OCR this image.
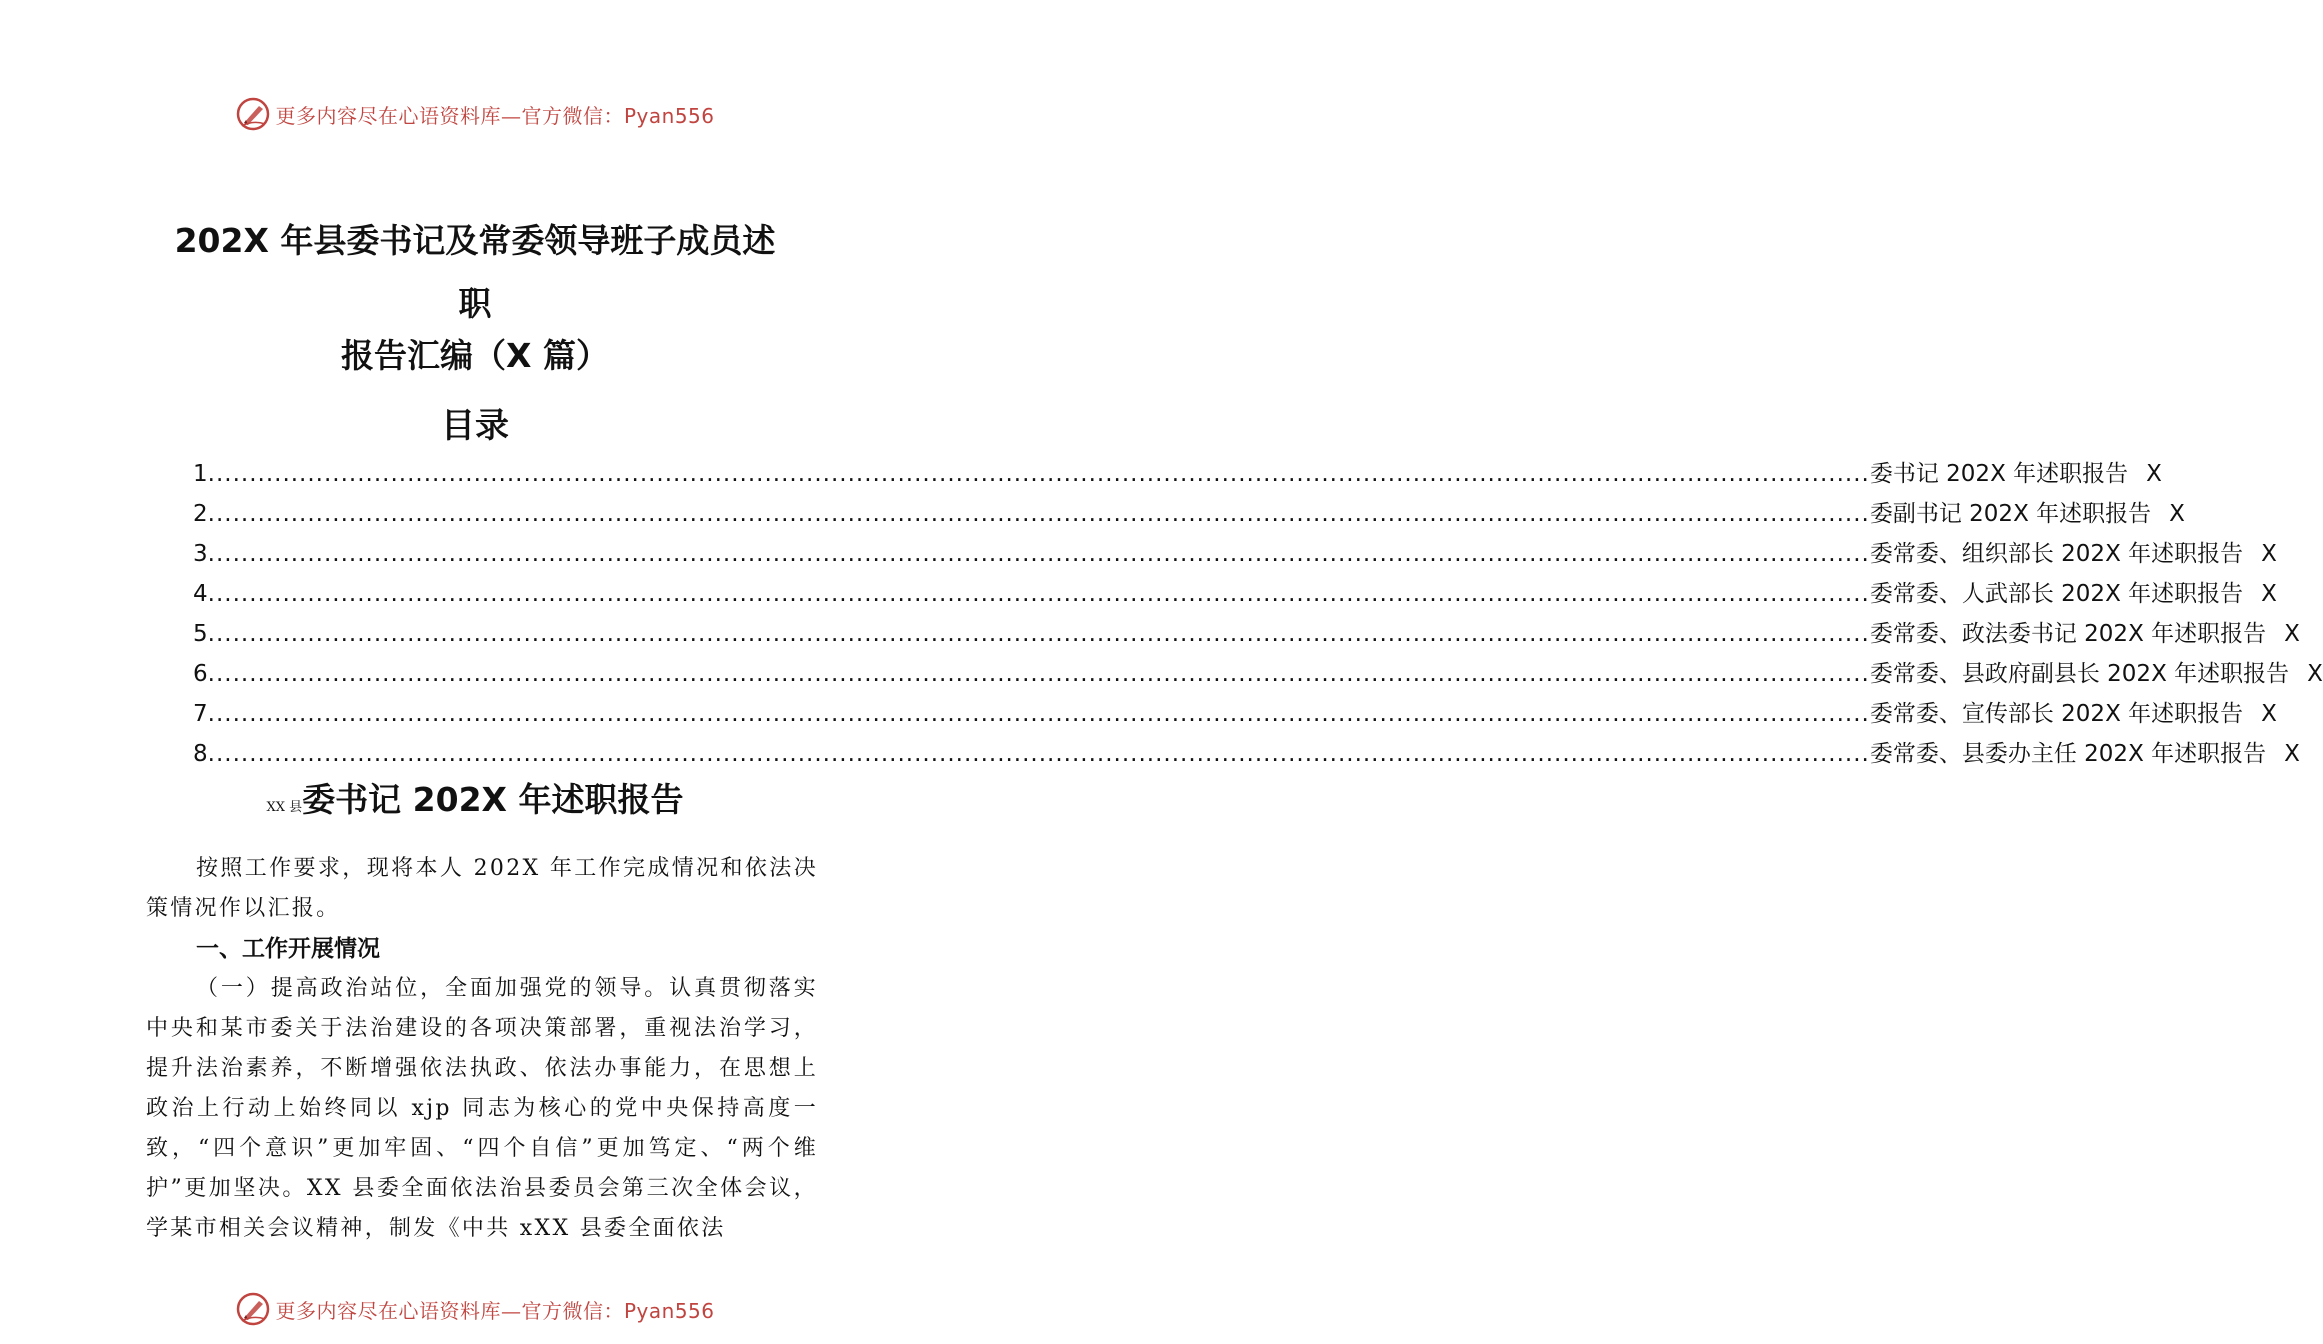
更多内容尽在心语资料库—官方微信：Pyan556
202X 年县委书记及常委领导班子成员述
职
报告汇编（X 篇）
目录
1 ........................................................................................................................................................................................................ 委书记 202X 年述职报告 X
2 ........................................................................................................................................................................................................ 委副书记 202X 年述职报告 X
3 ........................................................................................................................................................................................................ 委常委、组织部长 202X 年述职报告 X
4 ........................................................................................................................................................................................................ 委常委、人武部长 202X 年述职报告 X
5 ........................................................................................................................................................................................................ 委常委、政法委书记 202X 年述职报告 X
6 ........................................................................................................................................................................................................ 委常委、县政府副县长 202X 年述职报告 X
7 ........................................................................................................................................................................................................ 委常委、宣传部长 202X 年述职报告 X
8 ........................................................................................................................................................................................................ 委常委、县委办主任 202X 年述职报告 X
XX 县委书记 202X 年述职报告
按照工作要求，现将本人 202X 年工作完成情况和依法决策情况作以汇报。
一、工作开展情况
（一）提高政治站位，全面加强党的领导。认真贯彻落实中央和某市委关于法治建设的各项决策部署，重视法治学习，提升法治素养，不断增强依法执政、依法办事能力，在思想上政治上行动上始终同以 xjp 同志为核心的党中央保持高度一致，“四个意识”更加牢固、“四个自信”更加笃定、“两个维护”更加坚决。XX 县委全面依法治县委员会第三次全体会议，学某市相关会议精神，制发《中共 xXX 县委全面依法
更多内容尽在心语资料库—官方微信：Pyan556
